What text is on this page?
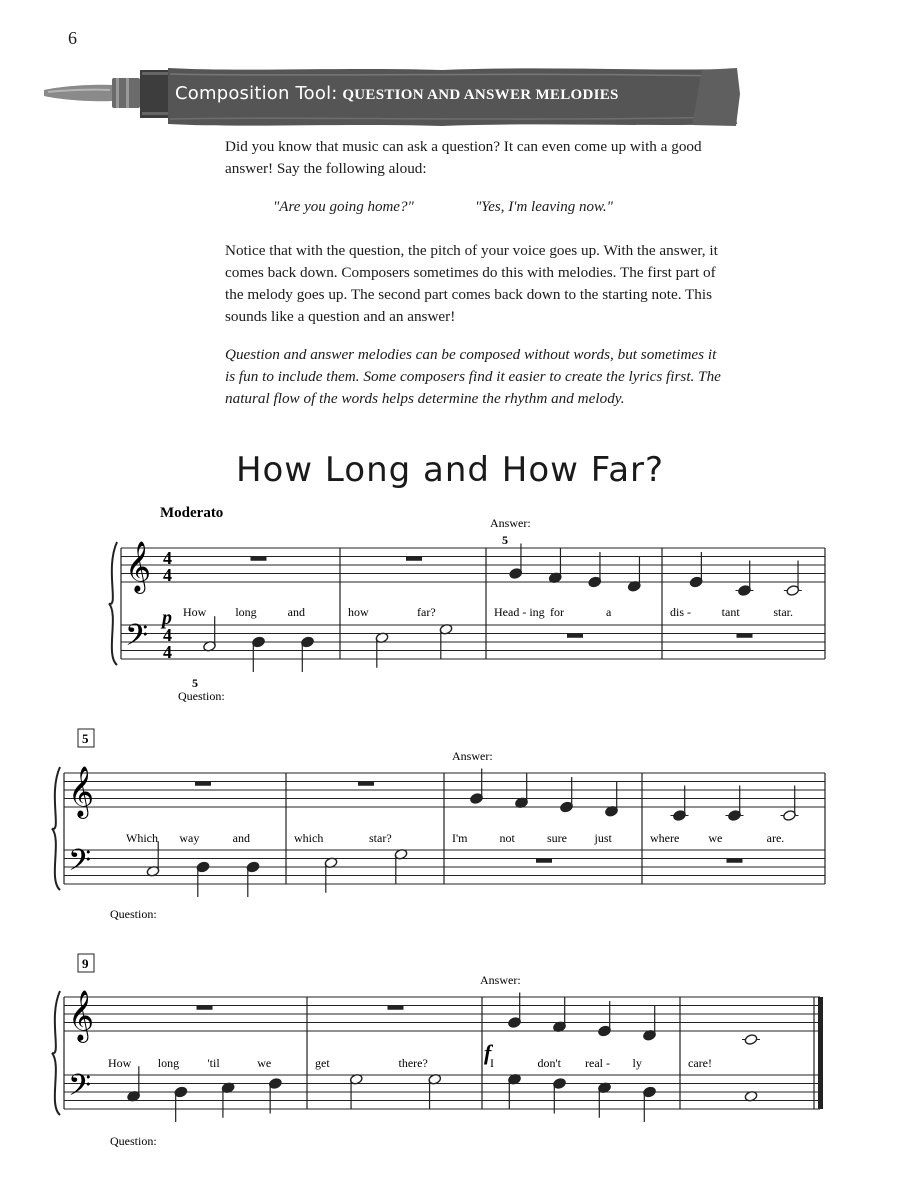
6
Composition Tool: QUESTION AND ANSWER MELODIES

Did you know that music can ask a question? It can even come up with a good
answer! Say the following aloud:

"Are you going home?"	"Yes, I'm leaving now."

Notice that with the question, the pitch of your voice goes up. With the answer, it
comes back down. Composers sometimes do this with melodies. The first part of
the melody goes up. The second part comes back down to the starting note. This
sounds like a question and an answer!

Question and answer melodies can be composed without words, but sometimes it
is fun to include them. Some composers find it easier to create the lyrics first. The
natural flow of the words helps determine the rhythm and melody.

How Long and How Far?
Moderato
𝄞
𝄢
4
4
4
4
Answer:
Question:
How long	and	how	far?	Head - ing for	a	dis -	tant	star.
𝄞
𝄢
5
Answer:
Question:
Which way	and	which	star?	I'm	not	sure just	where we	are.
𝄞
𝄢
9
Answer:
Question:
How long 'til	we	get	there?	I	don't real - ly	care!
5
5
p
f
